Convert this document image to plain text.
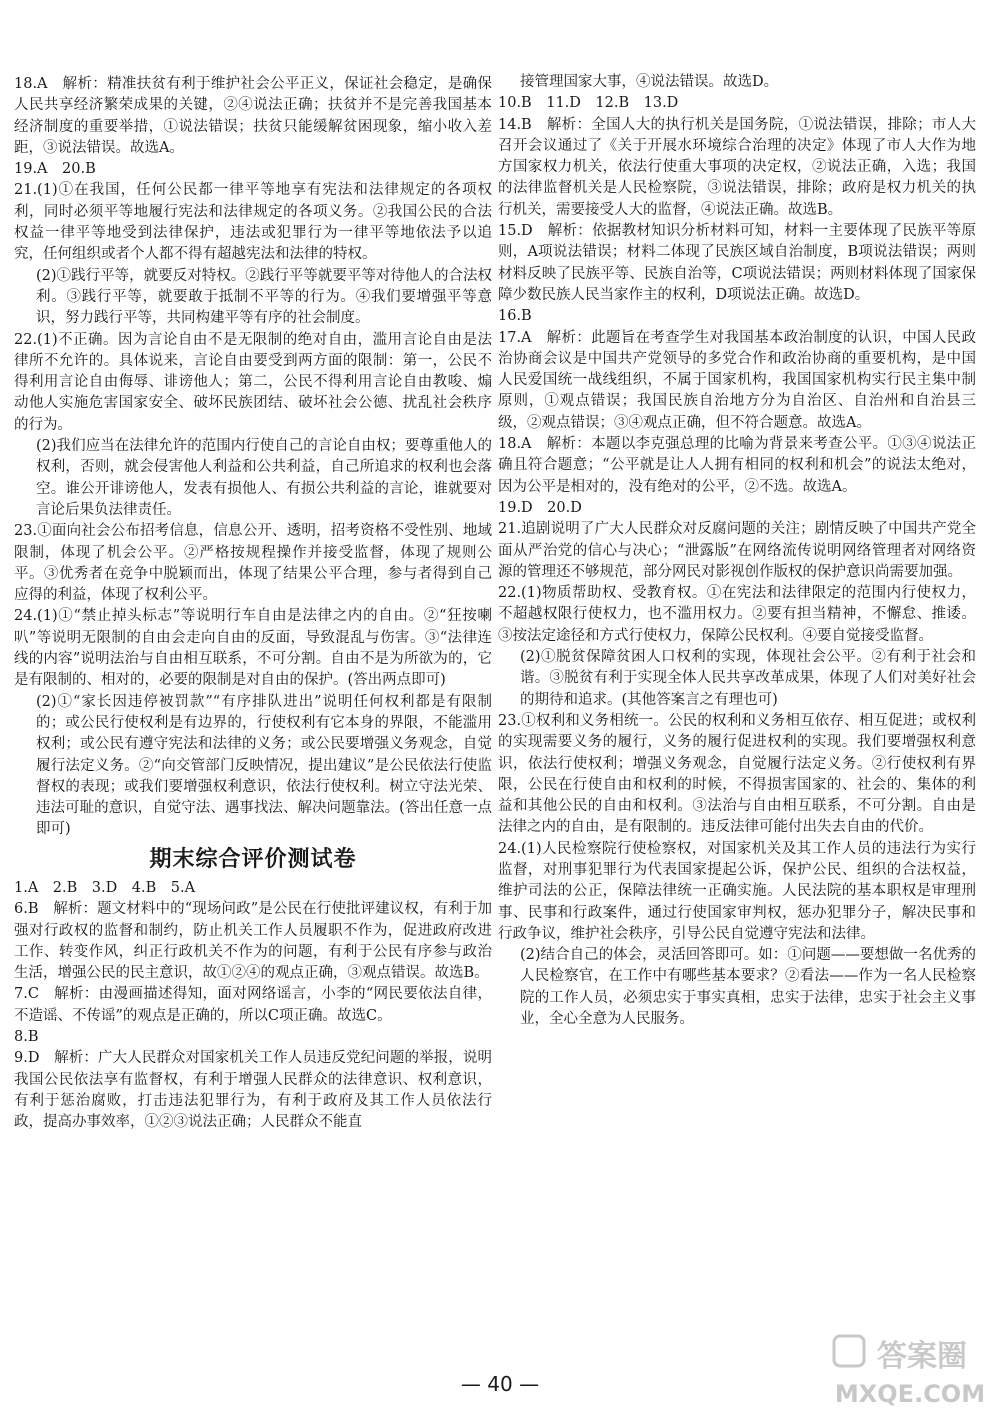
18.A　解析：精准扶贫有利于维护社会公平正义，保证社会稳定，是确保人民共享经济繁荣成果的关键，②④说法正确；扶贫并不是完善我国基本经济制度的重要举措，①说法错误；扶贫只能缓解贫困现象，缩小收入差距，③说法错误。故选A。

19.A　20.B

21.(1)①在我国，任何公民都一律平等地享有宪法和法律规定的各项权利，同时必须平等地履行宪法和法律规定的各项义务。②我国公民的合法权益一律平等地受到法律保护，违法或犯罪行为一律平等地依法予以追究，任何组织或者个人都不得有超越宪法和法律的特权。

(2)①践行平等，就要反对特权。②践行平等就要平等对待他人的合法权利。③践行平等，就要敢于抵制不平等的行为。④我们要增强平等意识，努力践行平等，共同构建平等有序的社会制度。

22.(1)不正确。因为言论自由不是无限制的绝对自由，滥用言论自由是法律所不允许的。具体说来，言论自由要受到两方面的限制：第一，公民不得利用言论自由侮辱、诽谤他人；第二，公民不得利用言论自由教唆、煽动他人实施危害国家安全、破坏民族团结、破坏社会公德、扰乱社会秩序的行为。

(2)我们应当在法律允许的范围内行使自己的言论自由权；要尊重他人的权利，否则，就会侵害他人利益和公共利益，自己所追求的权利也会落空。谁公开诽谤他人，发表有损他人、有损公共利益的言论，谁就要对言论后果负法律责任。

23.①面向社会公布招考信息，信息公开、透明，招考资格不受性别、地域限制，体现了机会公平。②严格按规程操作并接受监督，体现了规则公平。③优秀者在竞争中脱颖而出，体现了结果公平合理，参与者得到自己应得的利益，体现了权利公平。

24.(1)①“禁止掉头标志”等说明行车自由是法律之内的自由。②“狂按喇叭”等说明无限制的自由会走向自由的反面，导致混乱与伤害。③“法律连线的内容”说明法治与自由相互联系，不可分割。自由不是为所欲为的，它是有限制的、相对的，必要的限制是对自由的保护。(答出两点即可)

(2)①“家长因违停被罚款”“有序排队进出”说明任何权利都是有限制的；或公民行使权利是有边界的，行使权利有它本身的界限，不能滥用权利；或公民有遵守宪法和法律的义务；或公民要增强义务观念，自觉履行法定义务。②“向交管部门反映情况，提出建议”是公民依法行使监督权的表现；或我们要增强权利意识，依法行使权利。树立守法光荣、违法可耻的意识，自觉守法、遇事找法、解决问题靠法。(答出任意一点即可)

期末综合评价测试卷

1.A　2.B　3.D　4.B　5.A

6.B　解析：题文材料中的“现场问政”是公民在行使批评建议权，有利于加强对行政权的监督和制约，防止机关工作人员履职不作为，促进政府改进工作、转变作风，纠正行政机关不作为的问题，有利于公民有序参与政治生活，增强公民的民主意识，故①②④的观点正确，③观点错误。故选B。

7.C　解析：由漫画描述得知，面对网络谣言，小李的“网民要依法自律，不造谣、不传谣”的观点是正确的，所以C项正确。故选C。

8.B

9.D　解析：广大人民群众对国家机关工作人员违反党纪问题的举报，说明我国公民依法享有监督权，有利于增强人民群众的法律意识、权利意识，有利于惩治腐败，打击违法犯罪行为，有利于政府及其工作人员依法行政，提高办事效率，①②③说法正确；人民群众不能直

接管理国家大事，④说法错误。故选D。

10.B　11.D　12.B　13.D

14.B　解析：全国人大的执行机关是国务院，①说法错误，排除；市人大召开会议通过了《关于开展水环境综合治理的决定》体现了市人大作为地方国家权力机关，依法行使重大事项的决定权，②说法正确，入选；我国的法律监督机关是人民检察院，③说法错误，排除；政府是权力机关的执行机关，需要接受人大的监督，④说法正确。故选B。

15.D　解析：依据教材知识分析材料可知，材料一主要体现了民族平等原则，A项说法错误；材料二体现了民族区域自治制度，B项说法错误；两则材料反映了民族平等、民族自治等，C项说法错误；两则材料体现了国家保障少数民族人民当家作主的权利，D项说法正确。故选D。

16.B

17.A　解析：此题旨在考查学生对我国基本政治制度的认识，中国人民政治协商会议是中国共产党领导的多党合作和政治协商的重要机构，是中国人民爱国统一战线组织，不属于国家机构，我国国家机构实行民主集中制原则，①观点错误；我国民族自治地方分为自治区、自治州和自治县三级，②观点错误；③④观点正确，但不符合题意。故选A。

18.A　解析：本题以李克强总理的比喻为背景来考查公平。①③④说法正确且符合题意；“公平就是让人人拥有相同的权利和机会”的说法太绝对，因为公平是相对的，没有绝对的公平，②不选。故选A。

19.D　20.D

21.追剧说明了广大人民群众对反腐问题的关注；剧情反映了中国共产党全面从严治党的信心与决心；“泄露版”在网络流传说明网络管理者对网络资源的管理还不够规范，部分网民对影视创作版权的保护意识尚需要加强。

22.(1)物质帮助权、受教育权。①在宪法和法律限定的范围内行使权力，不超越权限行使权力，也不滥用权力。②要有担当精神，不懈怠、推诿。③按法定途径和方式行使权力，保障公民权利。④要自觉接受监督。

(2)①脱贫保障贫困人口权利的实现，体现社会公平。②有利于社会和谐。③脱贫有利于实现全体人民共享改革成果，体现了人们对美好社会的期待和追求。(其他答案言之有理也可)

23.①权利和义务相统一。公民的权利和义务相互依存、相互促进；或权利的实现需要义务的履行，义务的履行促进权利的实现。我们要增强权利意识，依法行使权利；增强义务观念，自觉履行法定义务。②行使权利有界限，公民在行使自由和权利的时候，不得损害国家的、社会的、集体的利益和其他公民的自由和权利。③法治与自由相互联系，不可分割。自由是法律之内的自由，是有限制的。违反法律可能付出失去自由的代价。

24.(1)人民检察院行使检察权，对国家机关及其工作人员的违法行为实行监督，对刑事犯罪行为代表国家提起公诉，保护公民、组织的合法权益，维护司法的公正，保障法律统一正确实施。人民法院的基本职权是审理刑事、民事和行政案件，通过行使国家审判权，惩办犯罪分子，解决民事和行政争议，维护社会秩序，引导公民自觉遵守宪法和法律。

(2)结合自己的体会，灵活回答即可。如：①问题——要想做一名优秀的人民检察官，在工作中有哪些基本要求？②看法——作为一名人民检察院的工作人员，必须忠实于事实真相，忠实于法律，忠实于社会主义事业，全心全意为人民服务。

— 40 —
答案圈
MXQE.COM
